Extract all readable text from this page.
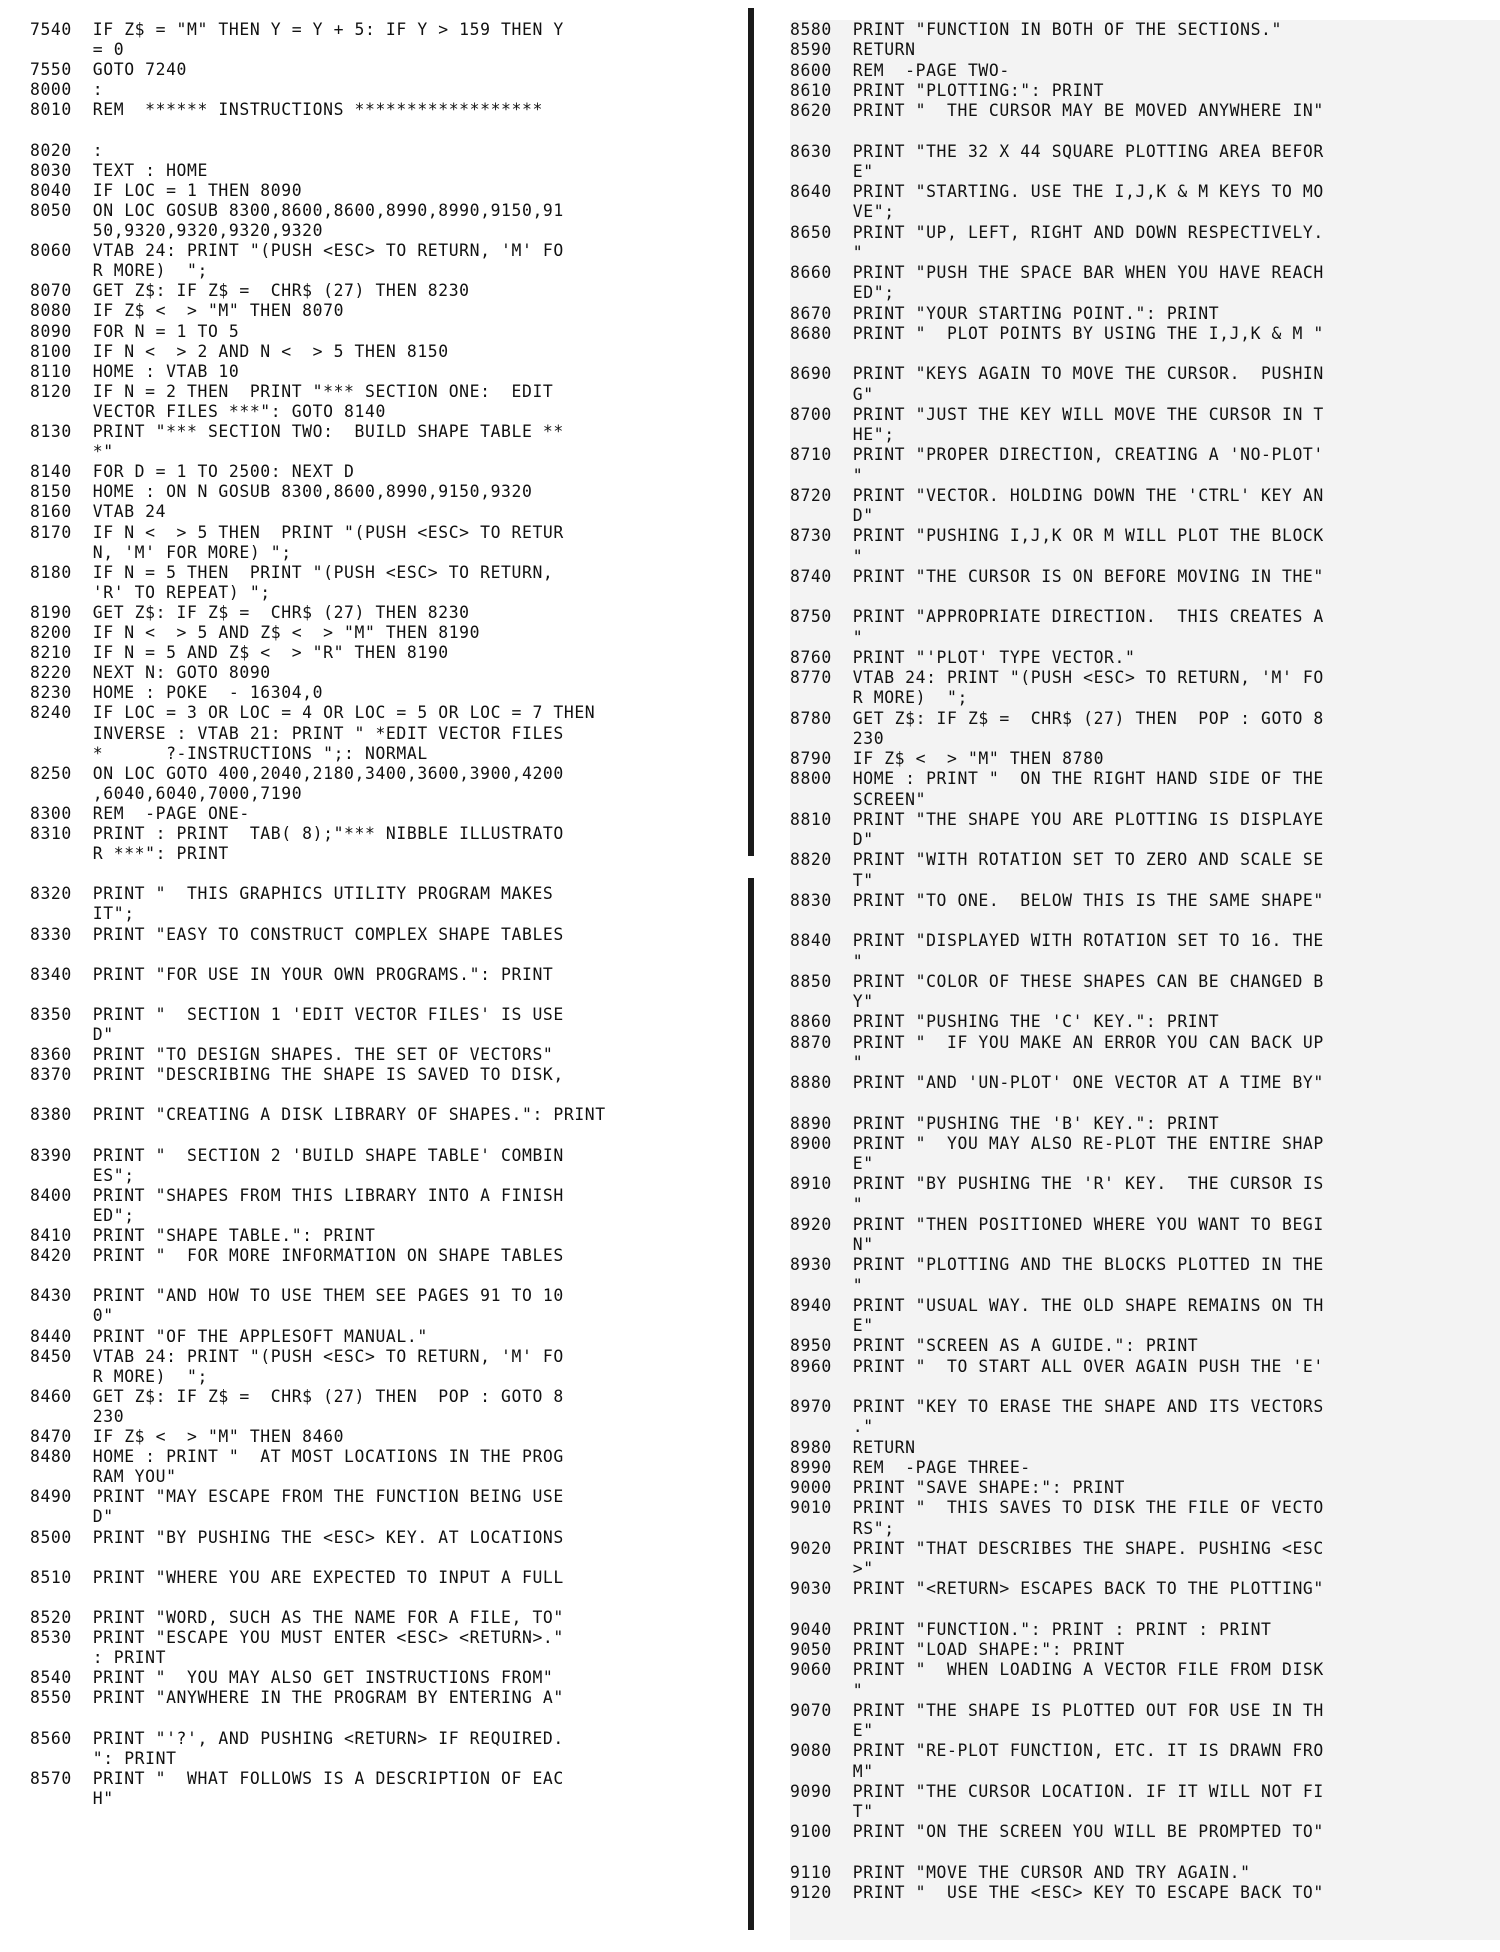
7540  IF Z$ = "M" THEN Y = Y + 5: IF Y > 159 THEN Y
= 0
7550  GOTO 7240
8000  :
8010  REM  ****** INSTRUCTIONS ******************
8020  :
8030  TEXT : HOME
8040  IF LOC = 1 THEN 8090
8050  ON LOC GOSUB 8300,8600,8600,8990,8990,9150,91
50,9320,9320,9320,9320
8060  VTAB 24: PRINT "(PUSH <ESC> TO RETURN, 'M' FO
R MORE)  ";
8070  GET Z$: IF Z$ =  CHR$ (27) THEN 8230
8080  IF Z$ <  > "M" THEN 8070
8090  FOR N = 1 TO 5
8100  IF N <  > 2 AND N <  > 5 THEN 8150
8110  HOME : VTAB 10
8120  IF N = 2 THEN  PRINT "*** SECTION ONE:  EDIT
VECTOR FILES ***": GOTO 8140
8130  PRINT "*** SECTION TWO:  BUILD SHAPE TABLE **
*"
8140  FOR D = 1 TO 2500: NEXT D
8150  HOME : ON N GOSUB 8300,8600,8990,9150,9320
8160  VTAB 24
8170  IF N <  > 5 THEN  PRINT "(PUSH <ESC> TO RETUR
N, 'M' FOR MORE) ";
8180  IF N = 5 THEN  PRINT "(PUSH <ESC> TO RETURN,
'R' TO REPEAT) ";
8190  GET Z$: IF Z$ =  CHR$ (27) THEN 8230
8200  IF N <  > 5 AND Z$ <  > "M" THEN 8190
8210  IF N = 5 AND Z$ <  > "R" THEN 8190
8220  NEXT N: GOTO 8090
8230  HOME : POKE  - 16304,0
8240  IF LOC = 3 OR LOC = 4 OR LOC = 5 OR LOC = 7 THEN
INVERSE : VTAB 21: PRINT " *EDIT VECTOR FILES
*      ?-INSTRUCTIONS ";: NORMAL
8250  ON LOC GOTO 400,2040,2180,3400,3600,3900,4200
,6040,6040,7000,7190
8300  REM  -PAGE ONE-
8310  PRINT : PRINT  TAB( 8);"*** NIBBLE ILLUSTRATO
R ***": PRINT
8320  PRINT "  THIS GRAPHICS UTILITY PROGRAM MAKES
IT";
8330  PRINT "EASY TO CONSTRUCT COMPLEX SHAPE TABLES
8340  PRINT "FOR USE IN YOUR OWN PROGRAMS.": PRINT
8350  PRINT "  SECTION 1 'EDIT VECTOR FILES' IS USE
D"
8360  PRINT "TO DESIGN SHAPES. THE SET OF VECTORS"
8370  PRINT "DESCRIBING THE SHAPE IS SAVED TO DISK,
8380  PRINT "CREATING A DISK LIBRARY OF SHAPES.": PRINT
8390  PRINT "  SECTION 2 'BUILD SHAPE TABLE' COMBIN
ES";
8400  PRINT "SHAPES FROM THIS LIBRARY INTO A FINISH
ED";
8410  PRINT "SHAPE TABLE.": PRINT
8420  PRINT "  FOR MORE INFORMATION ON SHAPE TABLES
8430  PRINT "AND HOW TO USE THEM SEE PAGES 91 TO 10
0"
8440  PRINT "OF THE APPLESOFT MANUAL."
8450  VTAB 24: PRINT "(PUSH <ESC> TO RETURN, 'M' FO
R MORE)  ";
8460  GET Z$: IF Z$ =  CHR$ (27) THEN  POP : GOTO 8
230
8470  IF Z$ <  > "M" THEN 8460
8480  HOME : PRINT "  AT MOST LOCATIONS IN THE PROG
RAM YOU"
8490  PRINT "MAY ESCAPE FROM THE FUNCTION BEING USE
D"
8500  PRINT "BY PUSHING THE <ESC> KEY. AT LOCATIONS
8510  PRINT "WHERE YOU ARE EXPECTED TO INPUT A FULL
8520  PRINT "WORD, SUCH AS THE NAME FOR A FILE, TO"
8530  PRINT "ESCAPE YOU MUST ENTER <ESC> <RETURN>."
: PRINT
8540  PRINT "  YOU MAY ALSO GET INSTRUCTIONS FROM"
8550  PRINT "ANYWHERE IN THE PROGRAM BY ENTERING A"
8560  PRINT "'?', AND PUSHING <RETURN> IF REQUIRED.
": PRINT
8570  PRINT "  WHAT FOLLOWS IS A DESCRIPTION OF EAC
H"
8580  PRINT "FUNCTION IN BOTH OF THE SECTIONS."
8590  RETURN
8600  REM  -PAGE TWO-
8610  PRINT "PLOTTING:": PRINT
8620  PRINT "  THE CURSOR MAY BE MOVED ANYWHERE IN"
8630  PRINT "THE 32 X 44 SQUARE PLOTTING AREA BEFOR
E"
8640  PRINT "STARTING. USE THE I,J,K & M KEYS TO MO
VE";
8650  PRINT "UP, LEFT, RIGHT AND DOWN RESPECTIVELY.
"
8660  PRINT "PUSH THE SPACE BAR WHEN YOU HAVE REACH
ED";
8670  PRINT "YOUR STARTING POINT.": PRINT
8680  PRINT "  PLOT POINTS BY USING THE I,J,K & M "
8690  PRINT "KEYS AGAIN TO MOVE THE CURSOR.  PUSHIN
G"
8700  PRINT "JUST THE KEY WILL MOVE THE CURSOR IN T
HE";
8710  PRINT "PROPER DIRECTION, CREATING A 'NO-PLOT'
"
8720  PRINT "VECTOR. HOLDING DOWN THE 'CTRL' KEY AN
D"
8730  PRINT "PUSHING I,J,K OR M WILL PLOT THE BLOCK
"
8740  PRINT "THE CURSOR IS ON BEFORE MOVING IN THE"
8750  PRINT "APPROPRIATE DIRECTION.  THIS CREATES A
"
8760  PRINT "'PLOT' TYPE VECTOR."
8770  VTAB 24: PRINT "(PUSH <ESC> TO RETURN, 'M' FO
R MORE)  ";
8780  GET Z$: IF Z$ =  CHR$ (27) THEN  POP : GOTO 8
230
8790  IF Z$ <  > "M" THEN 8780
8800  HOME : PRINT "  ON THE RIGHT HAND SIDE OF THE
SCREEN"
8810  PRINT "THE SHAPE YOU ARE PLOTTING IS DISPLAYE
D"
8820  PRINT "WITH ROTATION SET TO ZERO AND SCALE SE
T"
8830  PRINT "TO ONE.  BELOW THIS IS THE SAME SHAPE"
8840  PRINT "DISPLAYED WITH ROTATION SET TO 16. THE
"
8850  PRINT "COLOR OF THESE SHAPES CAN BE CHANGED B
Y"
8860  PRINT "PUSHING THE 'C' KEY.": PRINT
8870  PRINT "  IF YOU MAKE AN ERROR YOU CAN BACK UP
"
8880  PRINT "AND 'UN-PLOT' ONE VECTOR AT A TIME BY"
8890  PRINT "PUSHING THE 'B' KEY.": PRINT
8900  PRINT "  YOU MAY ALSO RE-PLOT THE ENTIRE SHAP
E"
8910  PRINT "BY PUSHING THE 'R' KEY.  THE CURSOR IS
"
8920  PRINT "THEN POSITIONED WHERE YOU WANT TO BEGI
N"
8930  PRINT "PLOTTING AND THE BLOCKS PLOTTED IN THE
"
8940  PRINT "USUAL WAY. THE OLD SHAPE REMAINS ON TH
E"
8950  PRINT "SCREEN AS A GUIDE.": PRINT
8960  PRINT "  TO START ALL OVER AGAIN PUSH THE 'E'
8970  PRINT "KEY TO ERASE THE SHAPE AND ITS VECTORS
."
8980  RETURN
8990  REM  -PAGE THREE-
9000  PRINT "SAVE SHAPE:": PRINT
9010  PRINT "  THIS SAVES TO DISK THE FILE OF VECTO
RS";
9020  PRINT "THAT DESCRIBES THE SHAPE. PUSHING <ESC
>"
9030  PRINT "<RETURN> ESCAPES BACK TO THE PLOTTING"
9040  PRINT "FUNCTION.": PRINT : PRINT : PRINT
9050  PRINT "LOAD SHAPE:": PRINT
9060  PRINT "  WHEN LOADING A VECTOR FILE FROM DISK
"
9070  PRINT "THE SHAPE IS PLOTTED OUT FOR USE IN TH
E"
9080  PRINT "RE-PLOT FUNCTION, ETC. IT IS DRAWN FRO
M"
9090  PRINT "THE CURSOR LOCATION. IF IT WILL NOT FI
T"
9100  PRINT "ON THE SCREEN YOU WILL BE PROMPTED TO"
9110  PRINT "MOVE THE CURSOR AND TRY AGAIN."
9120  PRINT "  USE THE <ESC> KEY TO ESCAPE BACK TO"
